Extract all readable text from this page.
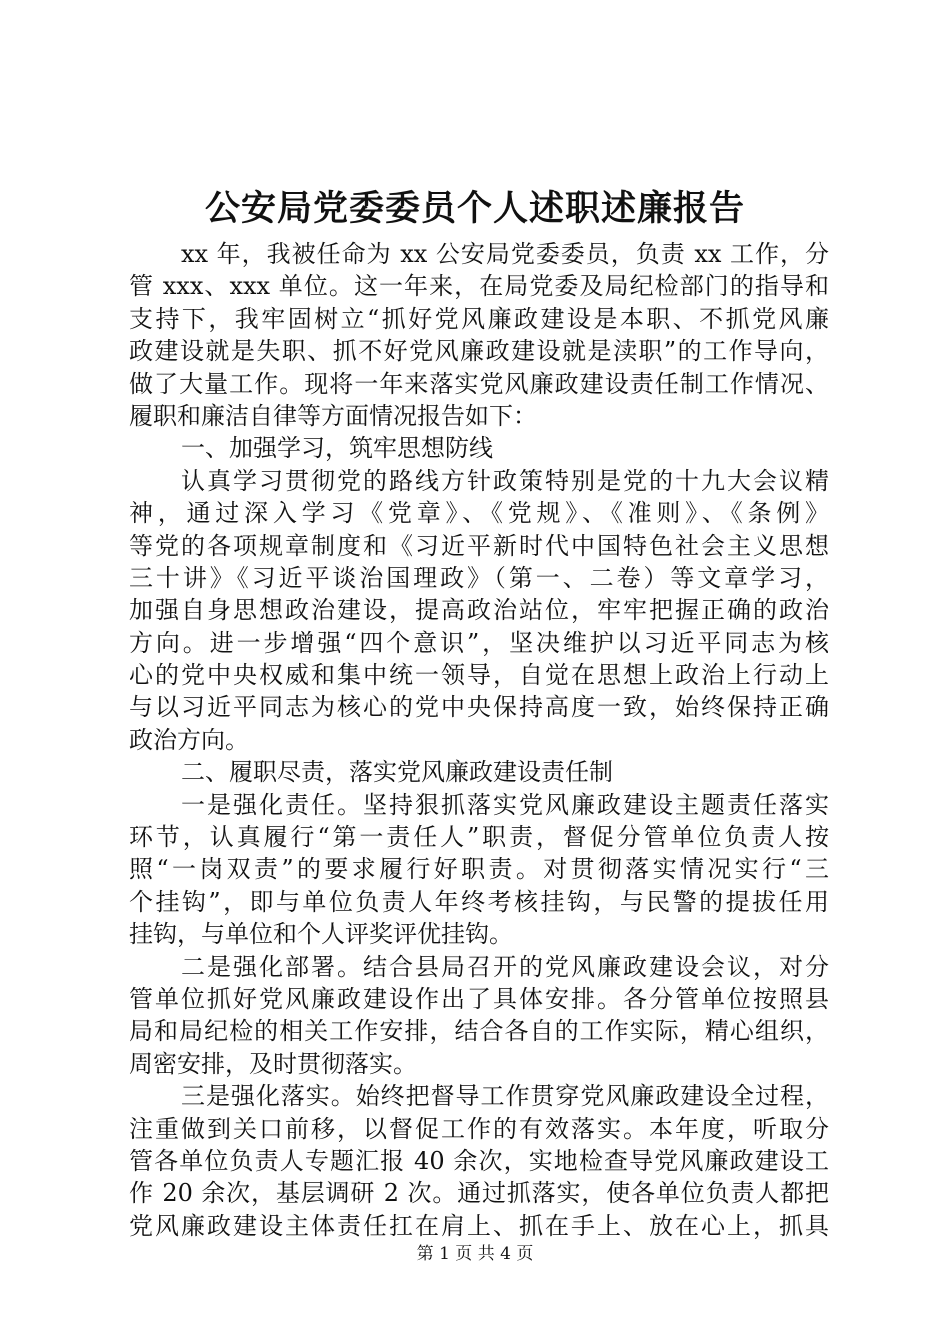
公安局党委委员个人述职述廉报告
xx 年，我被任命为 xx 公安局党委委员，负责 xx 工作，分
管 xxx、xxx 单位。这一年来，在局党委及局纪检部门的指导和
支持下，我牢固树立“抓好党风廉政建设是本职、不抓党风廉
政建设就是失职、抓不好党风廉政建设就是渎职”的工作导向，
做了大量工作。现将一年来落实党风廉政建设责任制工作情况、
履职和廉洁自律等方面情况报告如下：
一、加强学习，筑牢思想防线
认真学习贯彻党的路线方针政策特别是党的十九大会议精
神，通过深入学习《党章》、《党规》、《准则》、《条例》
等党的各项规章制度和《习近平新时代中国特色社会主义思想
三十讲》《习近平谈治国理政》（第一、二卷）等文章学习，
加强自身思想政治建设，提高政治站位，牢牢把握正确的政治
方向。进一步增强“四个意识”，坚决维护以习近平同志为核
心的党中央权威和集中统一领导，自觉在思想上政治上行动上
与以习近平同志为核心的党中央保持高度一致，始终保持正确
政治方向。
二、履职尽责，落实党风廉政建设责任制
一是强化责任。坚持狠抓落实党风廉政建设主题责任落实
环节，认真履行“第一责任人”职责，督促分管单位负责人按
照“一岗双责”的要求履行好职责。对贯彻落实情况实行“三
个挂钩”，即与单位负责人年终考核挂钩，与民警的提拔任用
挂钩，与单位和个人评奖评优挂钩。
二是强化部署。结合县局召开的党风廉政建设会议，对分
管单位抓好党风廉政建设作出了具体安排。各分管单位按照县
局和局纪检的相关工作安排，结合各自的工作实际，精心组织，
周密安排，及时贯彻落实。
三是强化落实。始终把督导工作贯穿党风廉政建设全过程，
注重做到关口前移，以督促工作的有效落实。本年度，听取分
管各单位负责人专题汇报 40 余次，实地检查导党风廉政建设工
作 20 余次，基层调研 2 次。通过抓落实，使各单位负责人都把
党风廉政建设主体责任扛在肩上、抓在手上、放在心上，抓具
第 1 页 共 4 页
